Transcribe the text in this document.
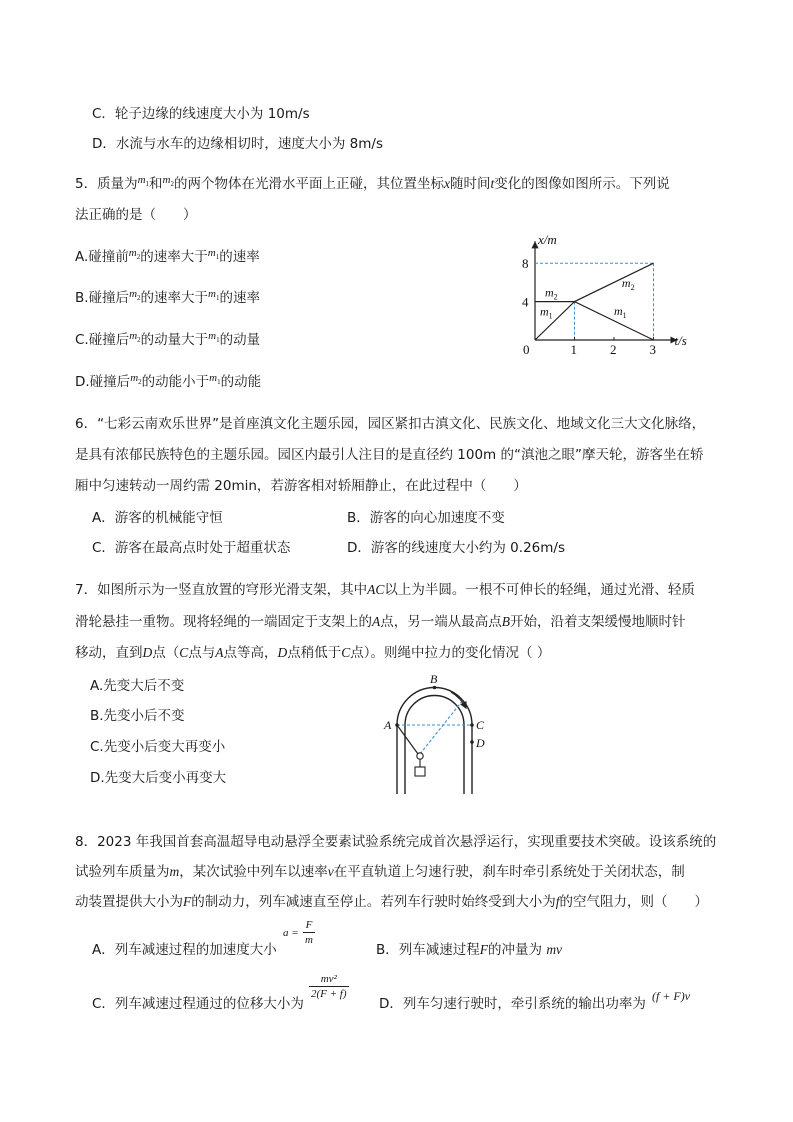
C．轮子边缘的线速度大小为 10m/s
D．水流与水车的边缘相切时，速度大小为 8m/s
5．质量为$^{m_1}$和$^{m_2}$的两个物体在光滑水平面上正碰，其位置坐标x随时间t变化的图像如图所示。下列说
法正确的是（　　）
A.碰撞前$^{m_2}$的速率大于$^{m_1}$的速率
B.碰撞后$^{m_2}$的速率大于$^{m_1}$的速率
C.碰撞后$^{m_2}$的动量大于$^{m_1}$的动量
D.碰撞后$^{m_2}$的动能小于$^{m_1}$的动能
0	1	2	3
4
8
t/s
x/m
$m_2$
$m_1$
$m_2$
$m_1$
6．“七彩云南欢乐世界”是首座滇文化主题乐园，园区紧扣古滇文化、民族文化、地域文化三大文化脉络，
是具有浓郁民族特色的主题乐园。园区内最引人注目的是直径约 100m 的“滇池之眼”摩天轮，游客坐在轿
厢中匀速转动一周约需 20min，若游客相对轿厢静止，在此过程中（　　）
A．游客的机械能守恒	B．游客的向心加速度不变
C．游客在最高点时处于超重状态	D．游客的线速度大小约为 0.26m/s
7．如图所示为一竖直放置的穹形光滑支架，其中AC以上为半圆。一根不可伸长的轻绳，通过光滑、轻质
滑轮悬挂一重物。现将轻绳的一端固定于支架上的A点，另一端从最高点B开始，沿着支架缓慢地顺时针
移动，直到D点（C点与A点等高，D点稍低于C点）。则绳中拉力的变化情况（ ）
A.先变大后不变
B.先变小后不变
C.先变小后变大再变小
D.先变大后变小再变大
B
A	C
D
8．2023 年我国首套高温超导电动悬浮全要素试验系统完成首次悬浮运行，实现重要技术突破。设该系统的
试验列车质量为m，某次试验中列车以速率v在平直轨道上匀速行驶，刹车时牵引系统处于关闭状态，制
动装置提供大小为F的制动力，列车减速直至停止。若列车行驶时始终受到大小为f的空气阻力，则（　　）
A．列车减速过程的加速度大小
$a = \frac{F}{m}$
B．列车减速过程F的冲量为 mv
C．列车减速过程通过的位移大小为
$\frac{\text{mv²}}{2(F + f)}$
D．列车匀速行驶时，牵引系统的输出功率为 (f + F)v
